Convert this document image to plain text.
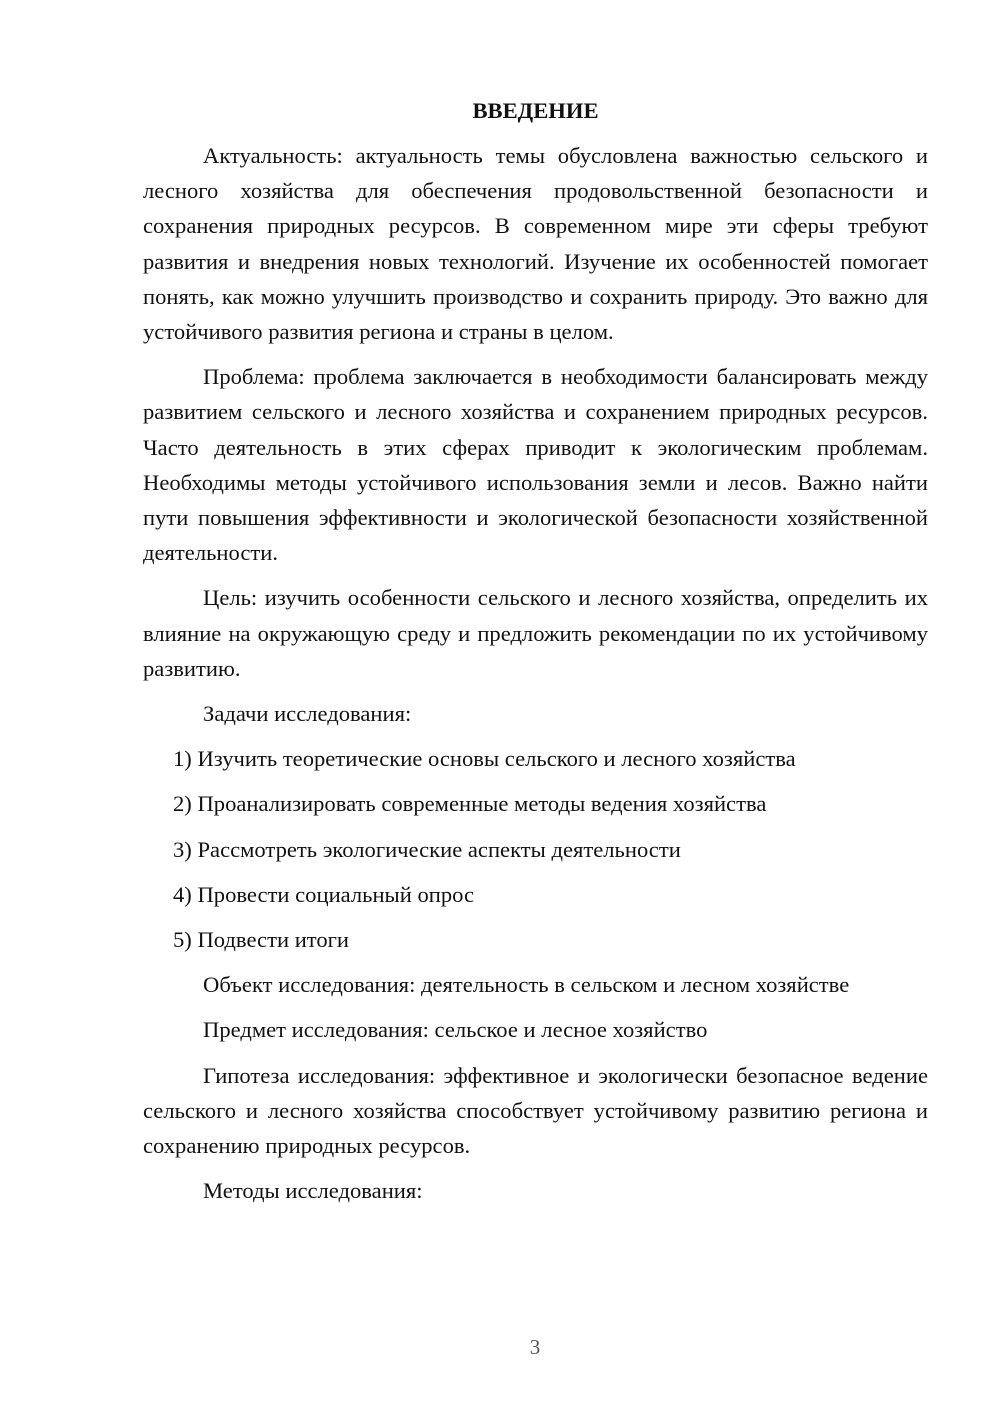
ВВЕДЕНИЕ

Актуальность: актуальность темы обусловлена важностью сельского и лесного хозяйства для обеспечения продовольственной безопасности и сохранения природных ресурсов. В современном мире эти сферы требуют развития и внедрения новых технологий. Изучение их особенностей помогает понять, как можно улучшить производство и сохранить природу. Это важно для устойчивого развития региона и страны в целом.

Проблема: проблема заключается в необходимости балансировать между развитием сельского и лесного хозяйства и сохранением природных ресурсов. Часто деятельность в этих сферах приводит к экологическим проблемам. Необходимы методы устойчивого использования земли и лесов. Важно найти пути повышения эффективности и экологической безопасности хозяйственной деятельности.

Цель: изучить особенности сельского и лесного хозяйства, определить их влияние на окружающую среду и предложить рекомендации по их устойчивому развитию.

Задачи исследования:
1) Изучить теоретические основы сельского и лесного хозяйства
2) Проанализировать современные методы ведения хозяйства
3) Рассмотреть экологические аспекты деятельности
4) Провести социальный опрос
5) Подвести итоги
Объект исследования: деятельность в сельском и лесном хозяйстве
Предмет исследования: сельское и лесное хозяйство

Гипотеза исследования: эффективное и экологически безопасное ведение сельского и лесного хозяйства способствует устойчивому развитию региона и сохранению природных ресурсов.

Методы исследования:
3
